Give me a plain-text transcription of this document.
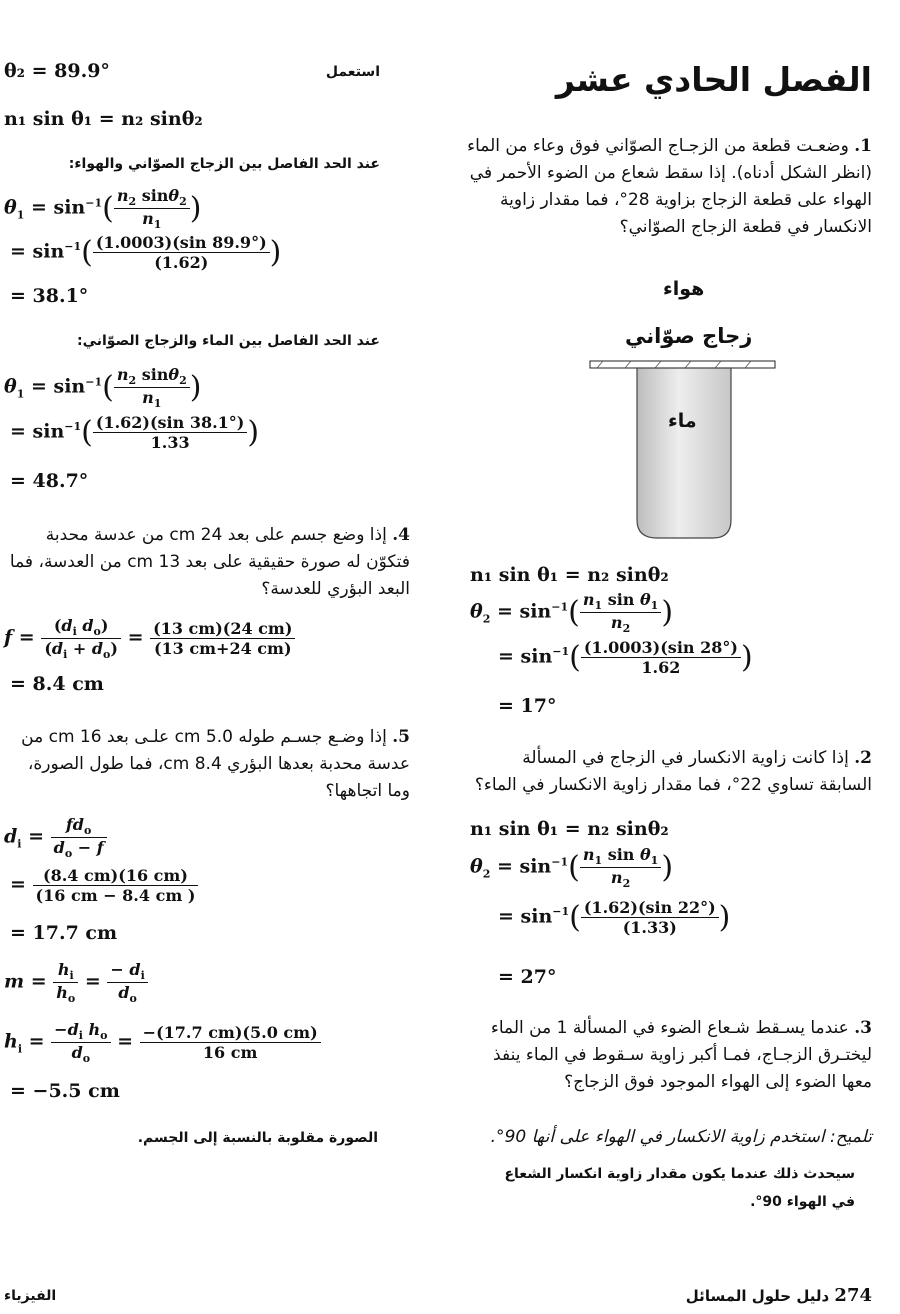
الفصل الحادي عشر
1. وضعـت قطعة من الزجـاج الصوّاني فوق وعاء من الماء (انظر الشكل أدناه). إذا سقط شعاع من الضوء الأحمر في الهواء على قطعة الزجاج بزاوية 28°، فما مقدار زاوية الانكسار في قطعة الزجاج الصوّاني؟
هواء
زجاج صوّاني
ماء
n₁ sin θ₁ = n₂ sinθ₂
$\theta_2 = \sin^{-1}( \frac{n_1 \sin \theta_1}{n_2}$ )
= $\sin^{-1}( \frac{(1.0003)(\sin 28^\circ)}{1.62}$ )
= 17°
2. إذا كانت زاوية الانكسار في الزجاج في المسألة السابقة تساوي 22°، فما مقدار زاوية الانكسار في الماء؟
n₁ sin θ₁ = n₂ sinθ₂
$\theta_2 = \sin^{-1}( \frac{n_1 \sin \theta_1}{n_2}$ )
= $\sin^{-1}( \frac{(1.62)(\sin 22^\circ)}{(1.33)}$ )
= 27°
3. عندما يسـقط شـعاع الضوء في المسألة 1 من الماء ليختـرق الزجـاج، فمـا أكبر زاوية سـقوط في الماء ينفذ معها الضوء إلى الهواء الموجود فوق الزجاج؟
تلميح: استخدم زاوية الانكسار في الهواء على أنها 90°.
سيحدث ذلك عندما يكون مقدار زاوية انكسار الشعاع
في الهواء 90°.
θ₂ = 89.9°	استعمل
n₁ sin θ₁ = n₂ sinθ₂
عند الحد الفاصل بين الزجاج الصوّاني والهواء:
$\theta_1 = \sin^{-1}( \frac{n_2 \sin\theta_2}{n_1}$ )
= $\sin^{-1}( \frac{(1.0003)(\sin 89.9^\circ)}{(1.62)}$ )
= 38.1°
عند الحد الفاصل بين الماء والزجاج الصوّاني:
$\theta_1 = \sin^{-1}( \frac{n_2 \sin\theta_2}{n_1}$ )
= $\sin^{-1}( \frac{(1.62)(\sin 38.1^\circ)}{1.33}$ )
= 48.7°
4. إذا وضع جسم على بعد 24 cm من عدسة محدبة فتكوّن له صورة حقيقية على بعد 13 cm من العدسة، فما البعد البؤري للعدسة؟
$f = \frac{(d_i d_o)}{(d_i + d_o)} = \frac{(13 cm)(24 cm)}{(13 cm+24 cm)}$
= 8.4 cm
5. إذا وضـع جسـم طوله 5.0 cm علـى بعد 16 cm من عدسة محدبة بعدها البؤري 8.4 cm، فما طول الصورة، وما اتجاهها؟
$d_i = \frac{fd_o}{d_o - f}$
= $\frac{(8.4 cm)(16 cm)}{(16 cm - 8.4 cm )}$
= 17.7 cm
$m = \frac{h_i}{h_o} = \frac{- d_i}{d_o}$
$h_i = \frac{-d_i h_o}{d_o} = \frac{-(17.7 cm)(5.0 cm)}{16 cm}$
= −5.5 cm
الصورة مقلوبة بالنسبة إلى الجسم.
274 دليل حلول المسائل
الفيزياء
